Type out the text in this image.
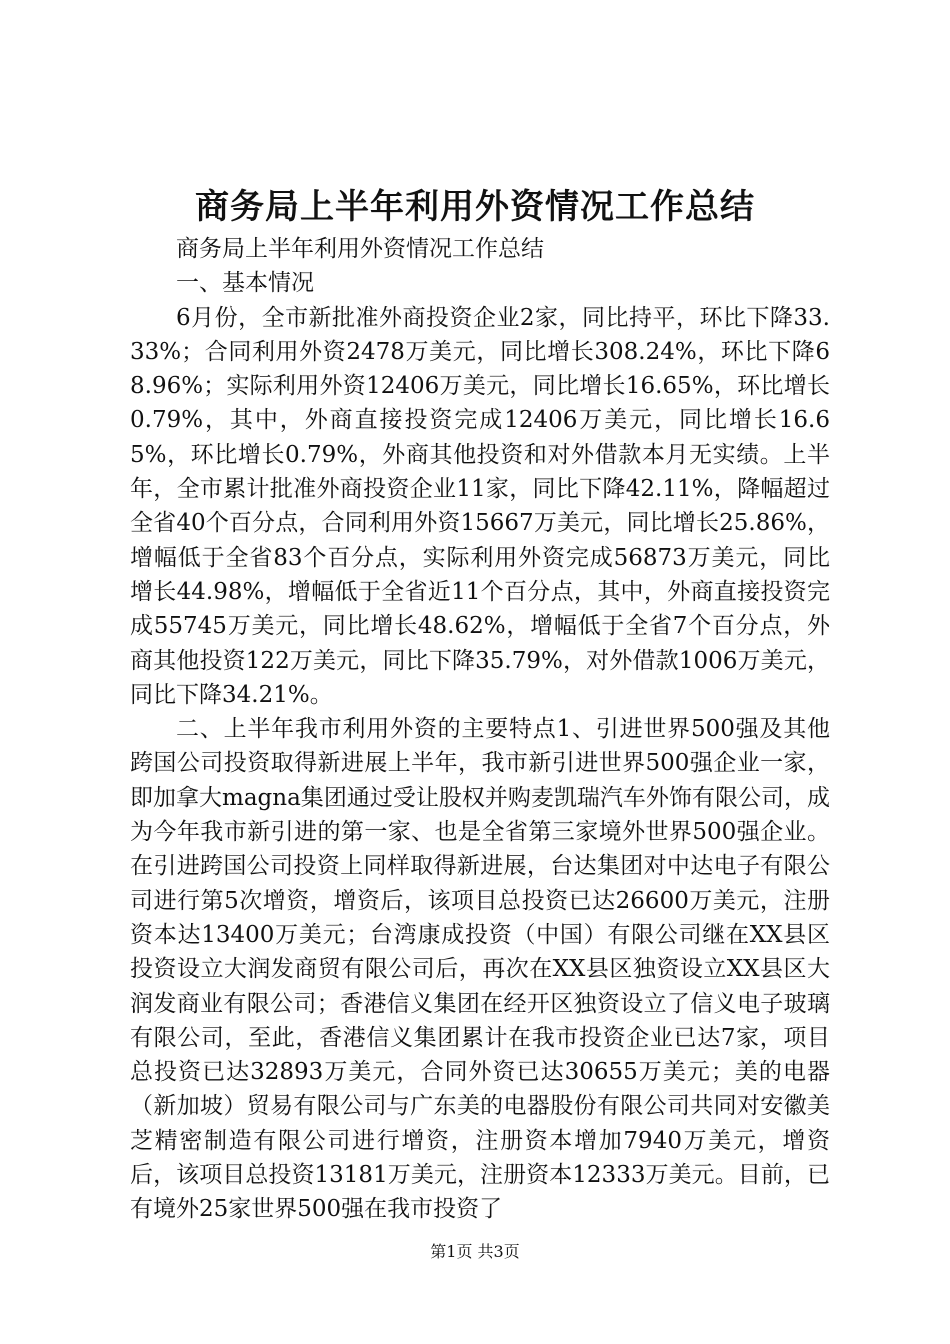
商务局上半年利用外资情况工作总结

商务局上半年利用外资情况工作总结

一、基本情况

6月份，全市新批准外商投资企业2家，同比持平，环比下降33.33%；合同利用外资2478万美元，同比增长308.24%，环比下降68.96%；实际利用外资12406万美元，同比增长16.65%，环比增长0.79%，其中，外商直接投资完成12406万美元，同比增长16.65%，环比增长0.79%，外商其他投资和对外借款本月无实绩。上半年，全市累计批准外商投资企业11家，同比下降42.11%，降幅超过全省40个百分点，合同利用外资15667万美元，同比增长25.86%，增幅低于全省83个百分点，实际利用外资完成56873万美元，同比增长44.98%，增幅低于全省近11个百分点，其中，外商直接投资完成55745万美元，同比增长48.62%，增幅低于全省7个百分点，外商其他投资122万美元，同比下降35.79%，对外借款1006万美元，同比下降34.21%。

二、上半年我市利用外资的主要特点1、引进世界500强及其他跨国公司投资取得新进展上半年，我市新引进世界500强企业一家，即加拿大magna集团通过受让股权并购麦凯瑞汽车外饰有限公司，成为今年我市新引进的第一家、也是全省第三家境外世界500强企业。在引进跨国公司投资上同样取得新进展，台达集团对中达电子有限公司进行第5次增资，增资后，该项目总投资已达26600万美元，注册资本达13400万美元；台湾康成投资（中国）有限公司继在XX县区投资设立大润发商贸有限公司后，再次在XX县区独资设立XX县区大润发商业有限公司；香港信义集团在经开区独资设立了信义电子玻璃有限公司，至此，香港信义集团累计在我市投资企业已达7家，项目总投资已达32893万美元，合同外资已达30655万美元；美的电器（新加坡）贸易有限公司与广东美的电器股份有限公司共同对安徽美芝精密制造有限公司进行增资，注册资本增加7940万美元，增资后，该项目总投资13181万美元，注册资本12333万美元。目前，已有境外25家世界500强在我市投资了

第1页 共3页
